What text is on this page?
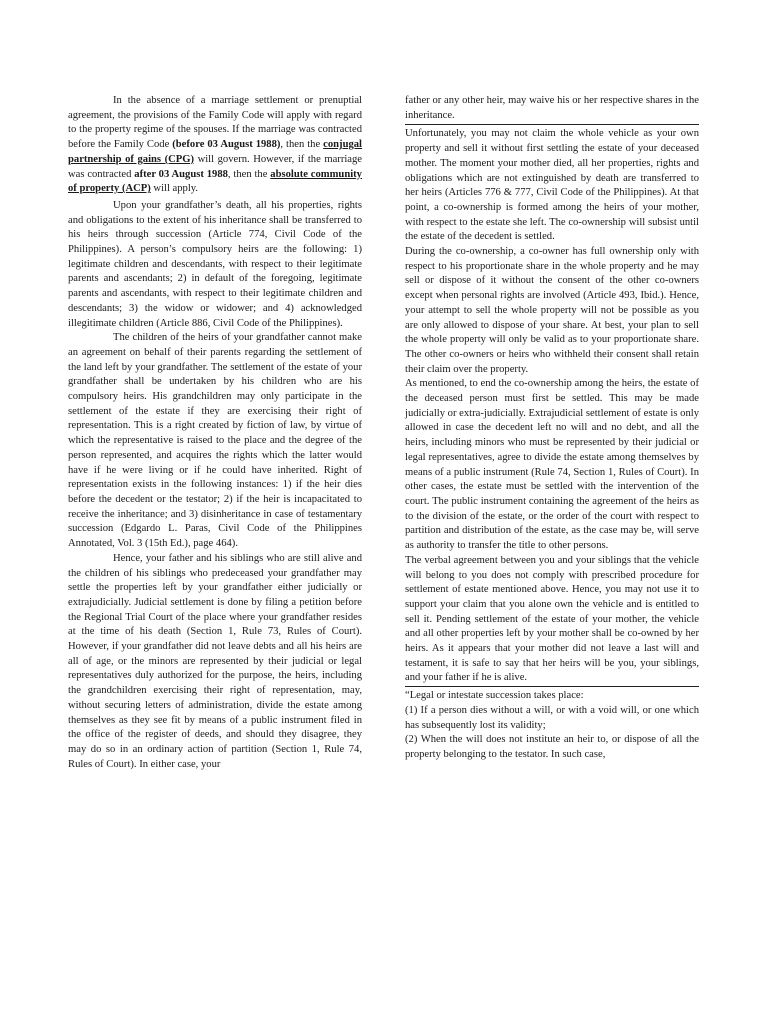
In the absence of a marriage settlement or prenuptial agreement, the provisions of the Family Code will apply with regard to the property regime of the spouses. If the marriage was contracted before the Family Code (before 03 August 1988), then the conjugal partnership of gains (CPG) will govern. However, if the marriage was contracted after 03 August 1988, then the absolute community of property (ACP) will apply.

Upon your grandfather’s death, all his properties, rights and obligations to the extent of his inheritance shall be transferred to his heirs through succession (Article 774, Civil Code of the Philippines). A person’s compulsory heirs are the following: 1) legitimate children and descendants, with respect to their legitimate parents and ascendants; 2) in default of the foregoing, legitimate parents and ascendants, with respect to their legitimate children and descendants; 3) the widow or widower; and 4) acknowledged illegitimate children (Article 886, Civil Code of the Philippines).

The children of the heirs of your grandfather cannot make an agreement on behalf of their parents regarding the settlement of the land left by your grandfather. The settlement of the estate of your grandfather shall be undertaken by his children who are his compulsory heirs. His grandchildren may only participate in the settlement of the estate if they are exercising their right of representation. This is a right created by fiction of law, by virtue of which the representative is raised to the place and the degree of the person represented, and acquires the rights which the latter would have if he were living or if he could have inherited. Right of representation exists in the following instances: 1) if the heir dies before the decedent or the testator; 2) if the heir is incapacitated to receive the inheritance; and 3) disinheritance in case of testamentary succession (Edgardo L. Paras, Civil Code of the Philippines Annotated, Vol. 3 (15th Ed.), page 464).

Hence, your father and his siblings who are still alive and the children of his siblings who predeceased your grandfather may settle the properties left by your grandfather either judicially or extrajudicially. Judicial settlement is done by filing a petition before the Regional Trial Court of the place where your grandfather resides at the time of his death (Section 1, Rule 73, Rules of Court). However, if your grandfather did not leave debts and all his heirs are all of age, or the minors are represented by their judicial or legal representatives duly authorized for the purpose, the heirs, including the grandchildren exercising their right of representation, may, without securing letters of administration, divide the estate among themselves as they see fit by means of a public instrument filed in the office of the register of deeds, and should they disagree, they may do so in an ordinary action of partition (Section 1, Rule 74, Rules of Court). In either case, your

father or any other heir, may waive his or her respective shares in the inheritance.

Unfortunately, you may not claim the whole vehicle as your own property and sell it without first settling the estate of your deceased mother. The moment your mother died, all her properties, rights and obligations which are not extinguished by death are transferred to her heirs (Articles 776 & 777, Civil Code of the Philippines). At that point, a co-ownership is formed among the heirs of your mother, with respect to the estate she left. The co-ownership will subsist until the estate of the decedent is settled.

During the co-ownership, a co-owner has full ownership only with respect to his proportionate share in the whole property and he may sell or dispose of it without the consent of the other co-owners except when personal rights are involved (Article 493, Ibid.). Hence, your attempt to sell the whole property will not be possible as you are only allowed to dispose of your share. At best, your plan to sell the whole property will only be valid as to your proportionate share. The other co-owners or heirs who withheld their consent shall retain their claim over the property.

As mentioned, to end the co-ownership among the heirs, the estate of the deceased person must first be settled. This may be made judicially or extra-judicially. Extrajudicial settlement of estate is only allowed in case the decedent left no will and no debt, and all the heirs, including minors who must be represented by their judicial or legal representatives, agree to divide the estate among themselves by means of a public instrument (Rule 74, Section 1, Rules of Court). In other cases, the estate must be settled with the intervention of the court. The public instrument containing the agreement of the heirs as to the division of the estate, or the order of the court with respect to partition and distribution of the estate, as the case may be, will serve as authority to transfer the title to other persons.

The verbal agreement between you and your siblings that the vehicle will belong to you does not comply with prescribed procedure for settlement of estate mentioned above. Hence, you may not use it to support your claim that you alone own the vehicle and is entitled to sell it. Pending settlement of the estate of your mother, the vehicle and all other properties left by your mother shall be co-owned by her heirs. As it appears that your mother did not leave a last will and testament, it is safe to say that her heirs will be you, your siblings, and your father if he is alive.

“Legal or intestate succession takes place:

(1) If a person dies without a will, or with a void will, or one which has subsequently lost its validity;

(2) When the will does not institute an heir to, or dispose of all the property belonging to the testator. In such case,
